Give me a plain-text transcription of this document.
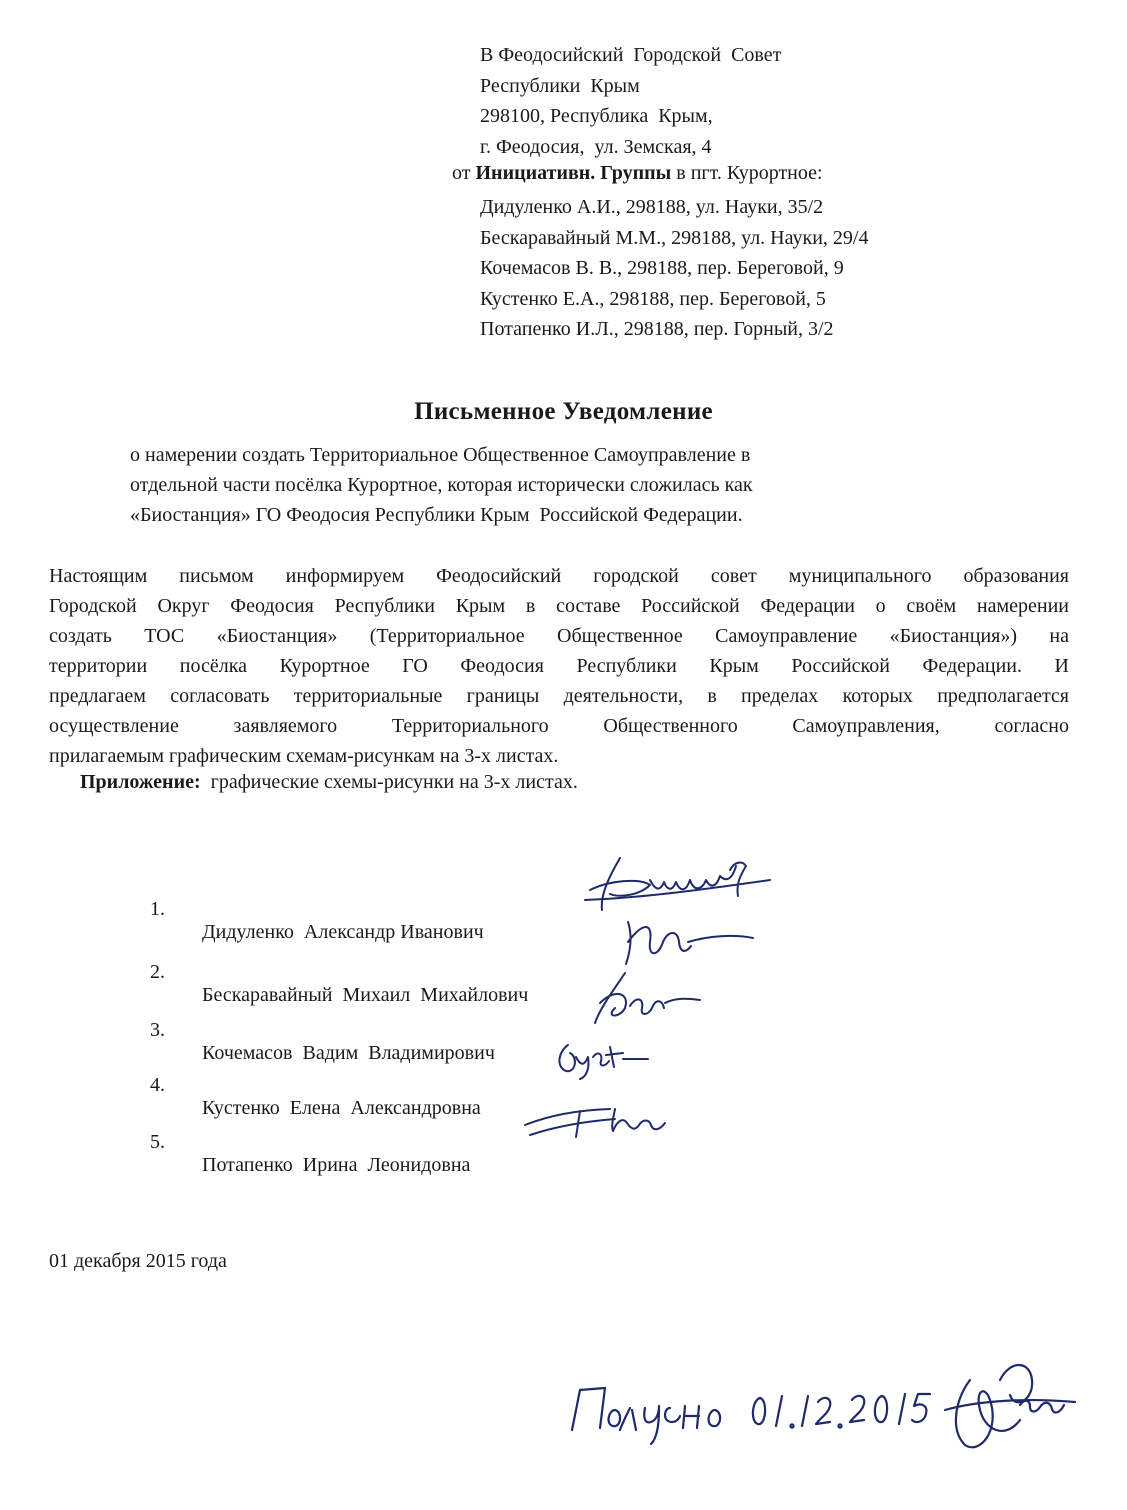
В Феодосийский  Городской  Совет
Республики  Крым
298100, Республика  Крым,
г. Феодосия,  ул. Земская, 4
от Инициативн. Группы в пгт. Курортное:
Дидуленко А.И., 298188, ул. Науки, 35/2
Бескаравайный М.М., 298188, ул. Науки, 29/4
Кочемасов В. В., 298188, пер. Береговой, 9
Кустенко Е.А., 298188, пер. Береговой, 5
Потапенко И.Л., 298188, пер. Горный, 3/2
Письменное Уведомление
о намерении создать Территориальное Общественное Самоуправление в
отдельной части посёлка Курортное, которая исторически сложилась как
«Биостанция» ГО Феодосия Республики Крым  Российской Федерации.
Настоящим письмом информируем Феодосийский городской совет муниципального образования
Городской Округ Феодосия Республики Крым в составе Российской Федерации о своём намерении
создать ТОС «Биостанция» (Территориальное Общественное Самоуправление «Биостанция») на
территории посёлка Курортное ГО Феодосия Республики Крым Российской Федерации. И
предлагаем согласовать территориальные границы деятельности, в пределах которых предполагается
осуществление заявляемого Территориального Общественного Самоуправления, согласно
прилагаемым графическим схемам-рисункам на 3-х листах.
Приложение:  графические схемы-рисунки на 3-х листах.

1.

Дидуленко  Александр Иванович

2.

Бескаравайный  Михаил  Михайлович

3.

Кочемасов  Вадим  Владимирович

4.

Кустенко  Елена  Александровна

5.

Потапенко  Ирина  Леонидовна

01 декабря 2015 года
